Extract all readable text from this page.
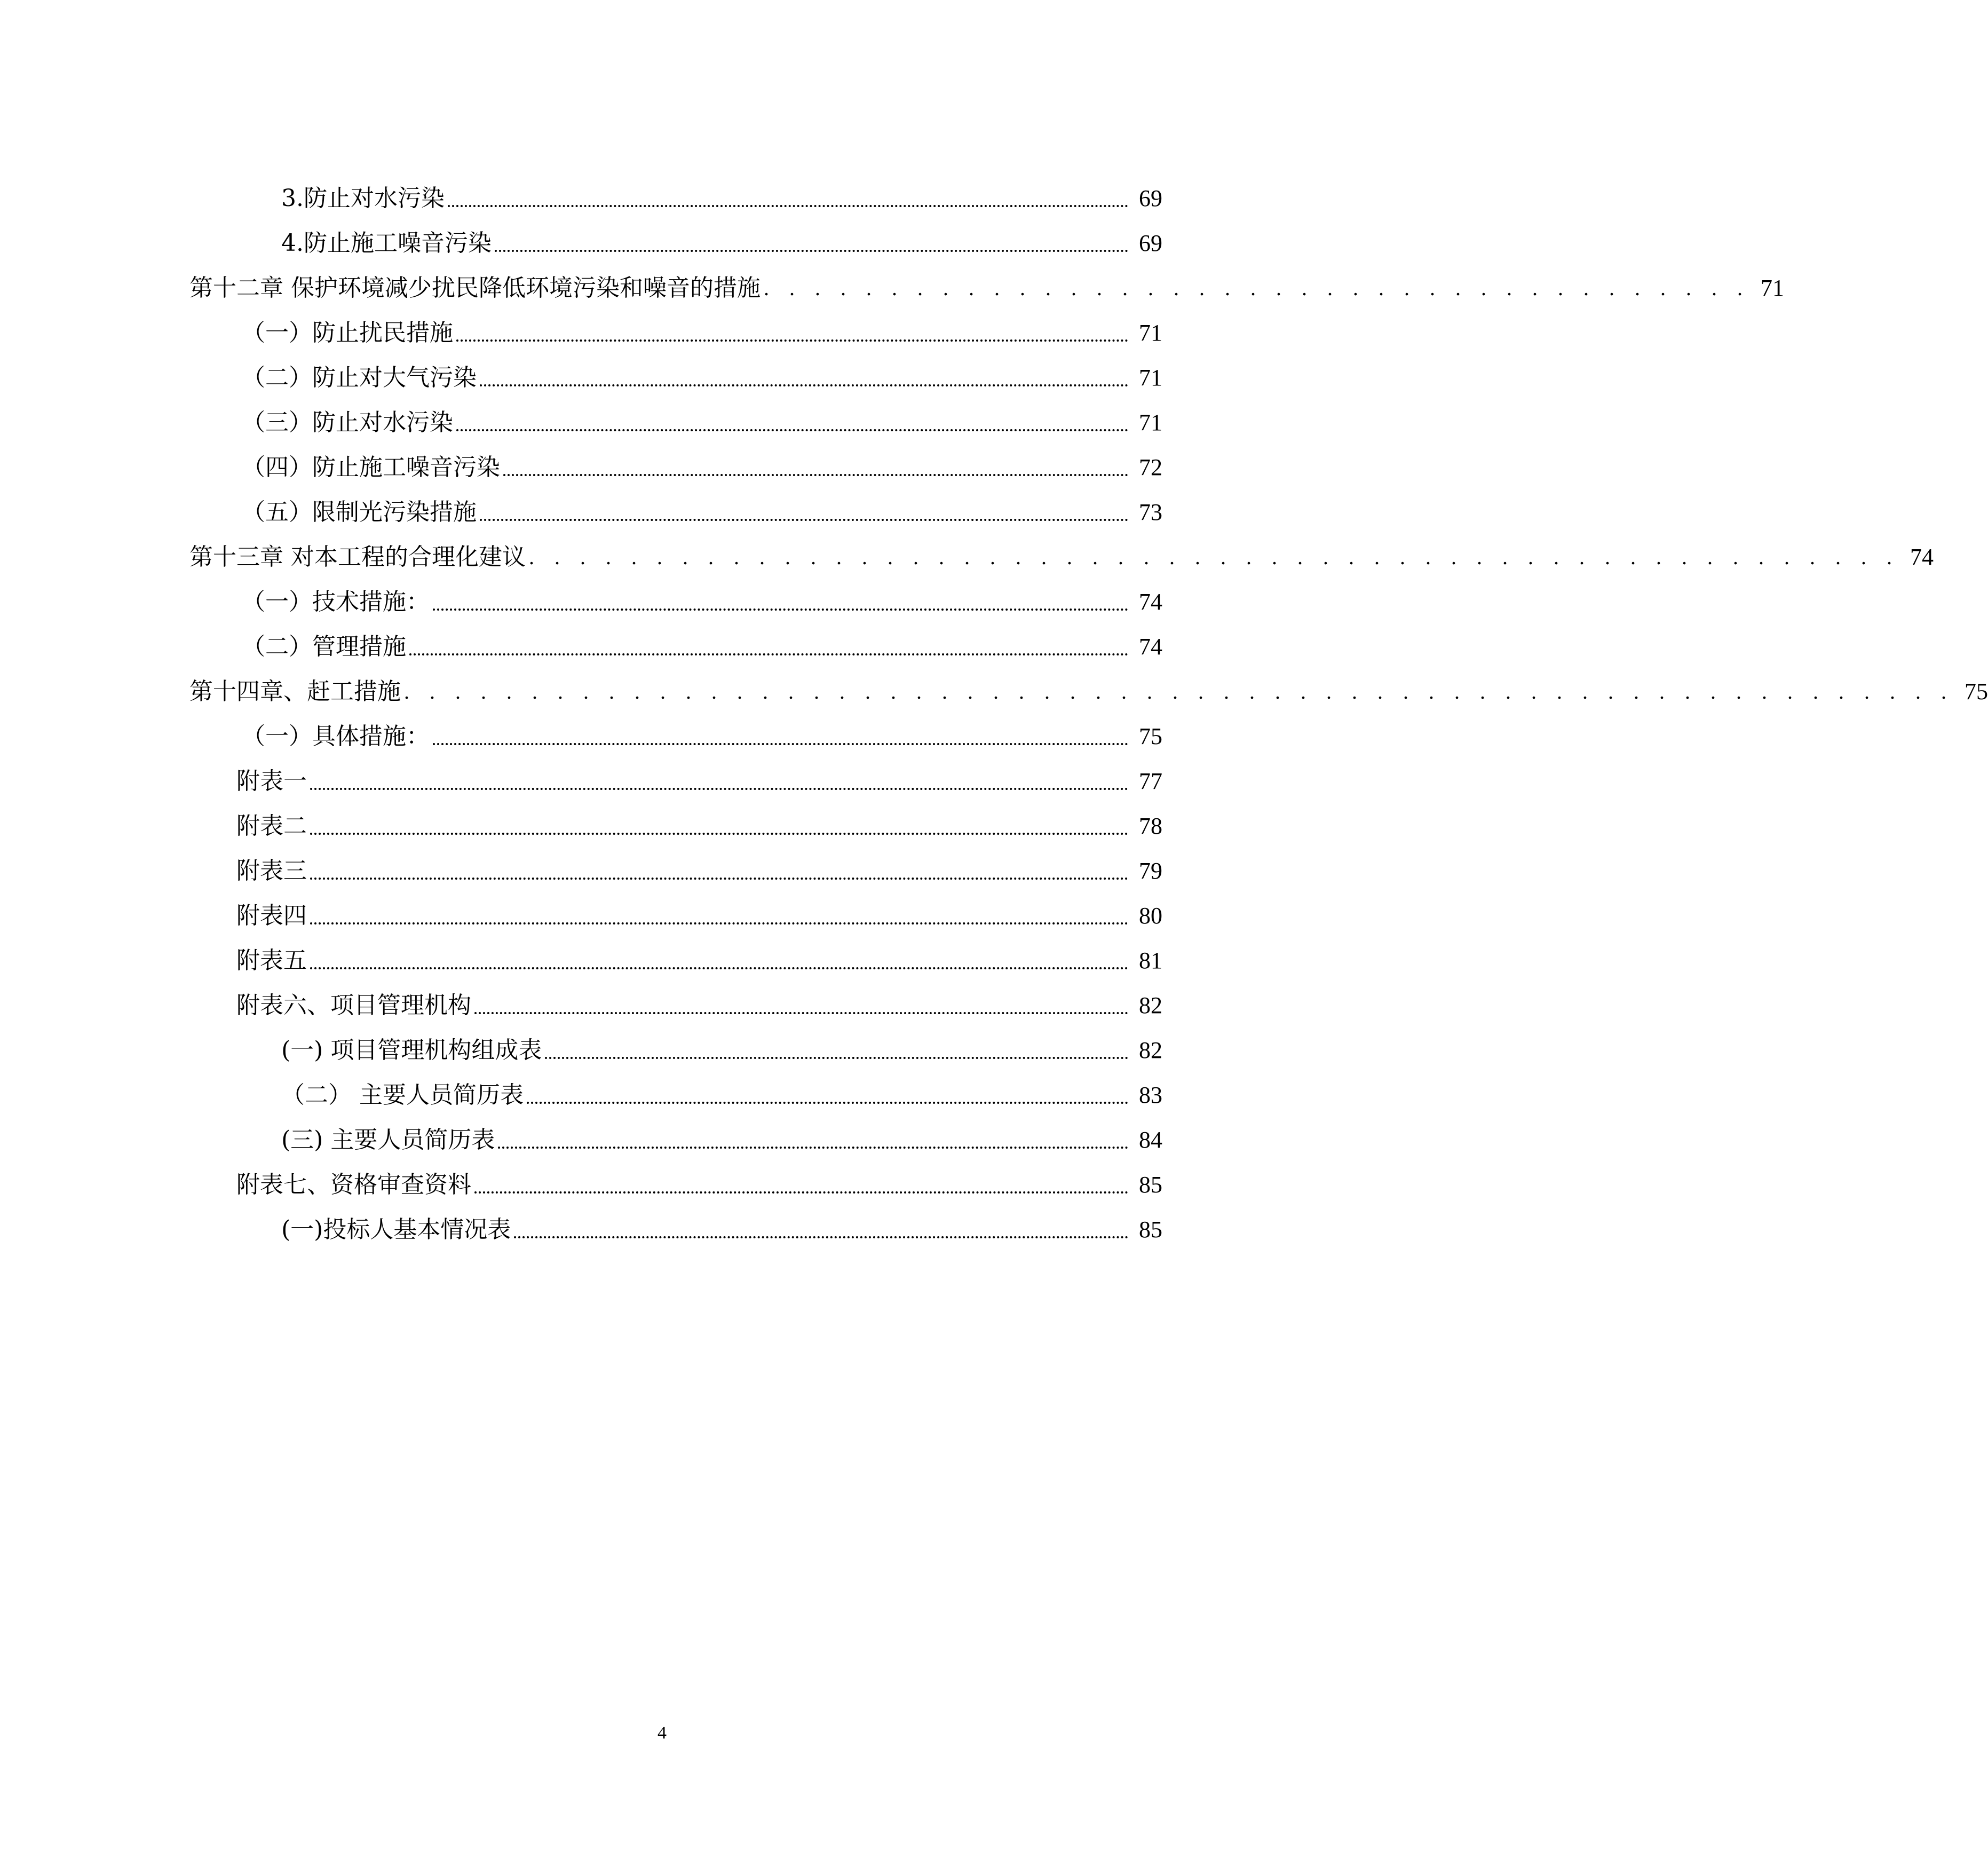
3.防止对水污染	69
4.防止施工噪音污染	69
第十二章 保护环境减少扰民降低环境污染和噪音的措施 . . . . . . . . . . . . . . . . . . . . . . . . . . . . . . . . . . . . . . . 71
（一）防止扰民措施	71
（二）防止对大气污染	71
（三）防止对水污染	71
（四）防止施工噪音污染	72
（五）限制光污染措施	73
第十三章 对本工程的合理化建议 . . . . . . . . . . . . . . . . . . . . . . . . . . . . . . . . . . . . . . . . . . . . . . . . . . . . . . 74
（一）技术措施：	74
（二）管理措施	74
第十四章、赶工措施 . . . . . . . . . . . . . . . . . . . . . . . . . . . . . . . . . . . . . . . . . . . . . . . . . . . . . . . . . . . . . 75
（一）具体措施：	75
附表一	77
附表二	78
附表三	79
附表四	80
附表五	81
附表六、项目管理机构	82
(一) 项目管理机构组成表	82
（二） 主要人员简历表	83
(三) 主要人员简历表	84
附表七、资格审查资料	85
(一)投标人基本情况表	85
4
